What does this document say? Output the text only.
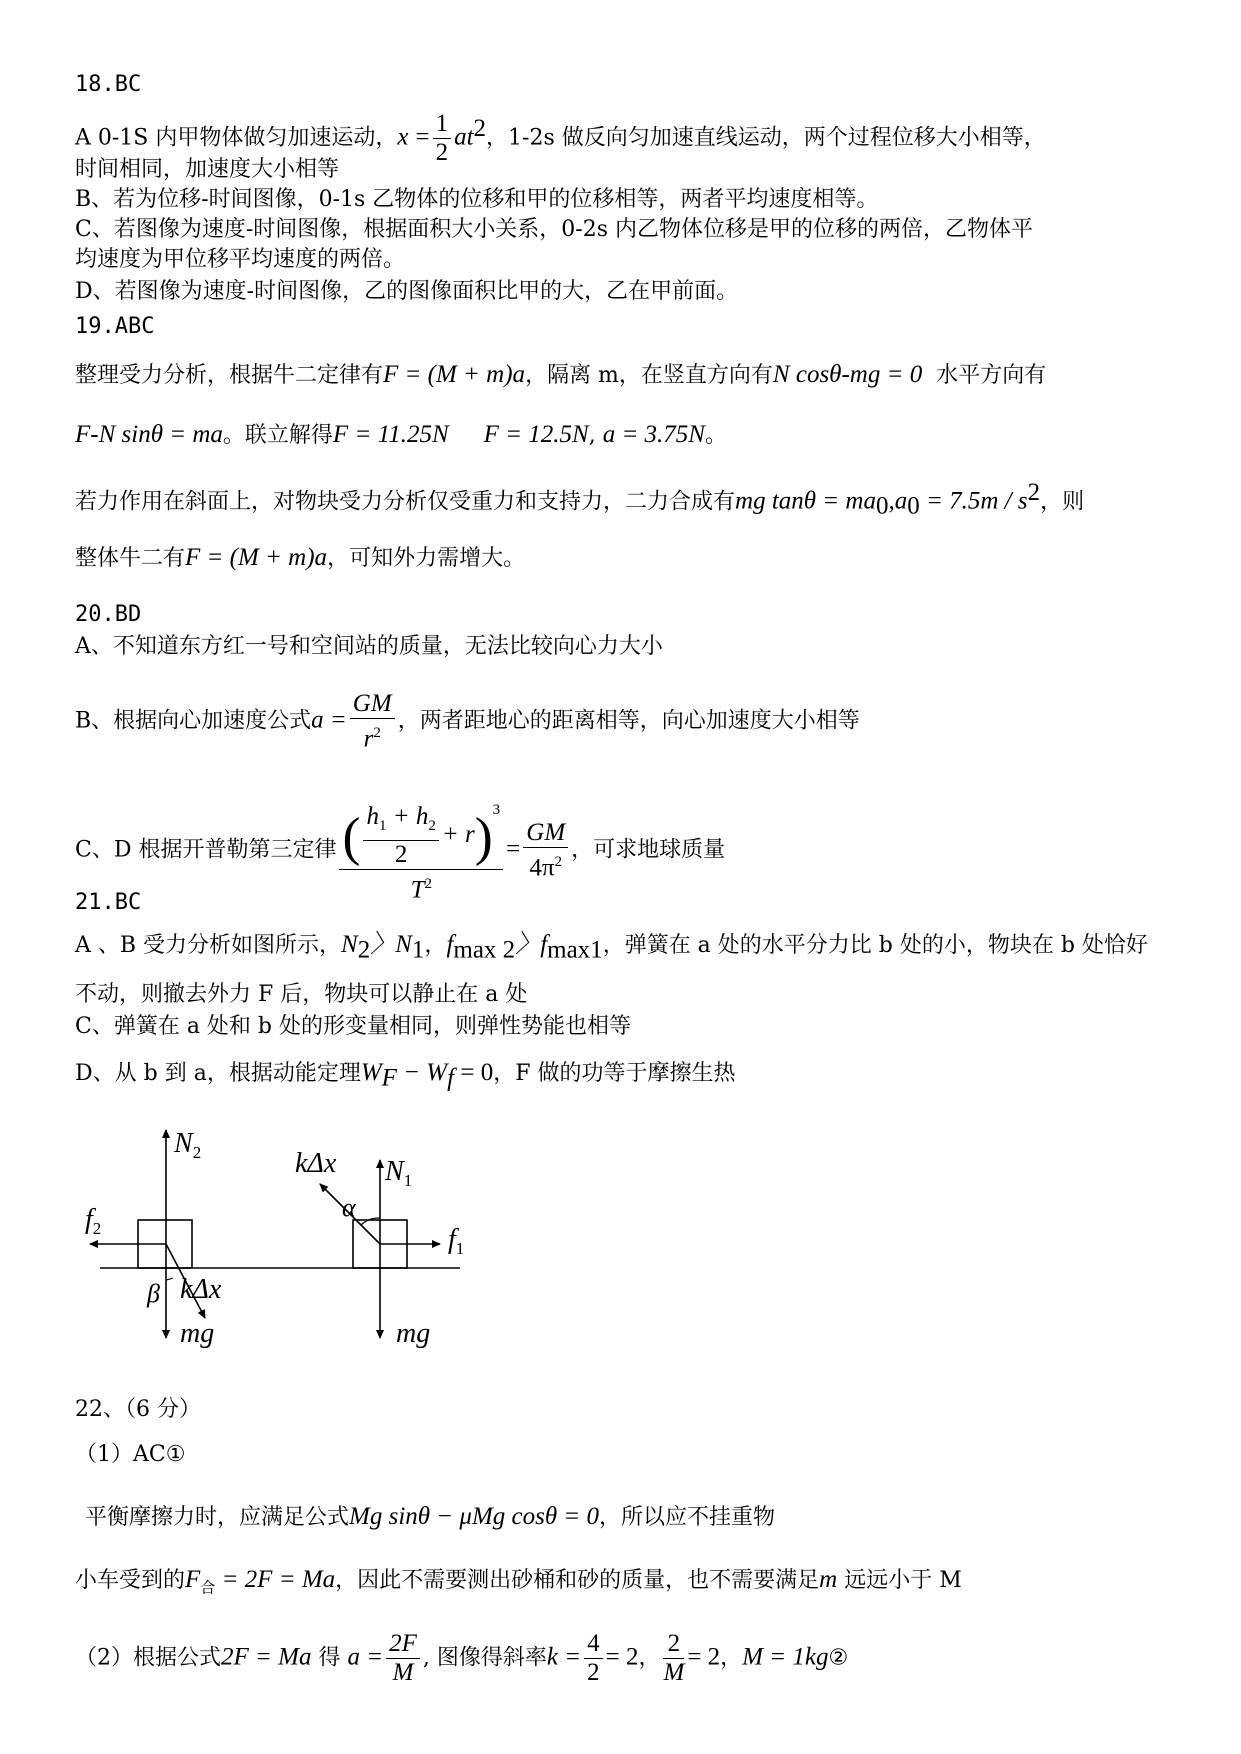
18.BC
A 0-1S 内甲物体做匀加速运动，$x = \frac{1}{2} at^2$，1-2s 做反向匀加速直线运动，两个过程位移大小相等，
时间相同，加速度大小相等
B、若为位移-时间图像，0-1s 乙物体的位移和甲的位移相等，两者平均速度相等。
C、若图像为速度-时间图像，根据面积大小关系，0-2s 内乙物体位移是甲的位移的两倍，乙物体平
均速度为甲位移平均速度的两倍。
D、若图像为速度-时间图像，乙的图像面积比甲的大，乙在甲前面。
19.ABC
整理受力分析，根据牛二定律有F = (M + m)a，隔离 m，在竖直方向有N cosθ-mg = 0 水平方向有
F-N sinθ = ma。联立解得F = 11.25N F = 12.5N, a = 3.75N。
若力作用在斜面上，对物块受力分析仅受重力和支持力，二力合成有mg $\tan\theta = ma_0,a_0 = 7.5m / s^2$，则
整体牛二有F = (M + m)a，可知外力需增大。
20.BD
A、不知道东方红一号和空间站的质量，无法比较向心力大小
B、根据向心加速度公式$a = \frac{GM}{r^2}$ ，两者距地心的距离相等，向心加速度大小相等
C、D 根据开普勒第三定律 $\frac{( \frac{h_1 + h_2}{2} + r)^3}{T^2} = \frac{GM}{4\pi^2}$ ，可求地球质量
21.BC
A 、B 受力分析如图所示，$N_2$〉$N_1$，$f_{max 2}$〉$f_{max1}$，弹簧在 a 处的水平分力比 b 处的小，物块在 b 处恰好
不动，则撤去外力 F 后，物块可以静止在 a 处
C、弹簧在 a 处和 b 处的形变量相同，则弹性势能也相等
D、从 b 到 a，根据动能定理$W_F - W_f = 0$，F 做的功等于摩擦生热
$N_2$
$f_2$
β kΔx
mg
kΔx $N_1$
α
$f_1$
mg
22、（6 分）
（1）AC①
平衡摩擦力时，应满足公式Mg sinθ − μMg cosθ = 0，所以应不挂重物
小车受到的$F_合 = 2F = Ma$，因此不需要测出砂桶和砂的质量，也不需要满足m 远远小于 M
（2）根据公式2F = Ma 得 $a = \frac{2F}{M}$ , 图像得斜率$k = \frac{4}{2} = 2$， $\frac{2}{M} = 2$，M = 1kg②
